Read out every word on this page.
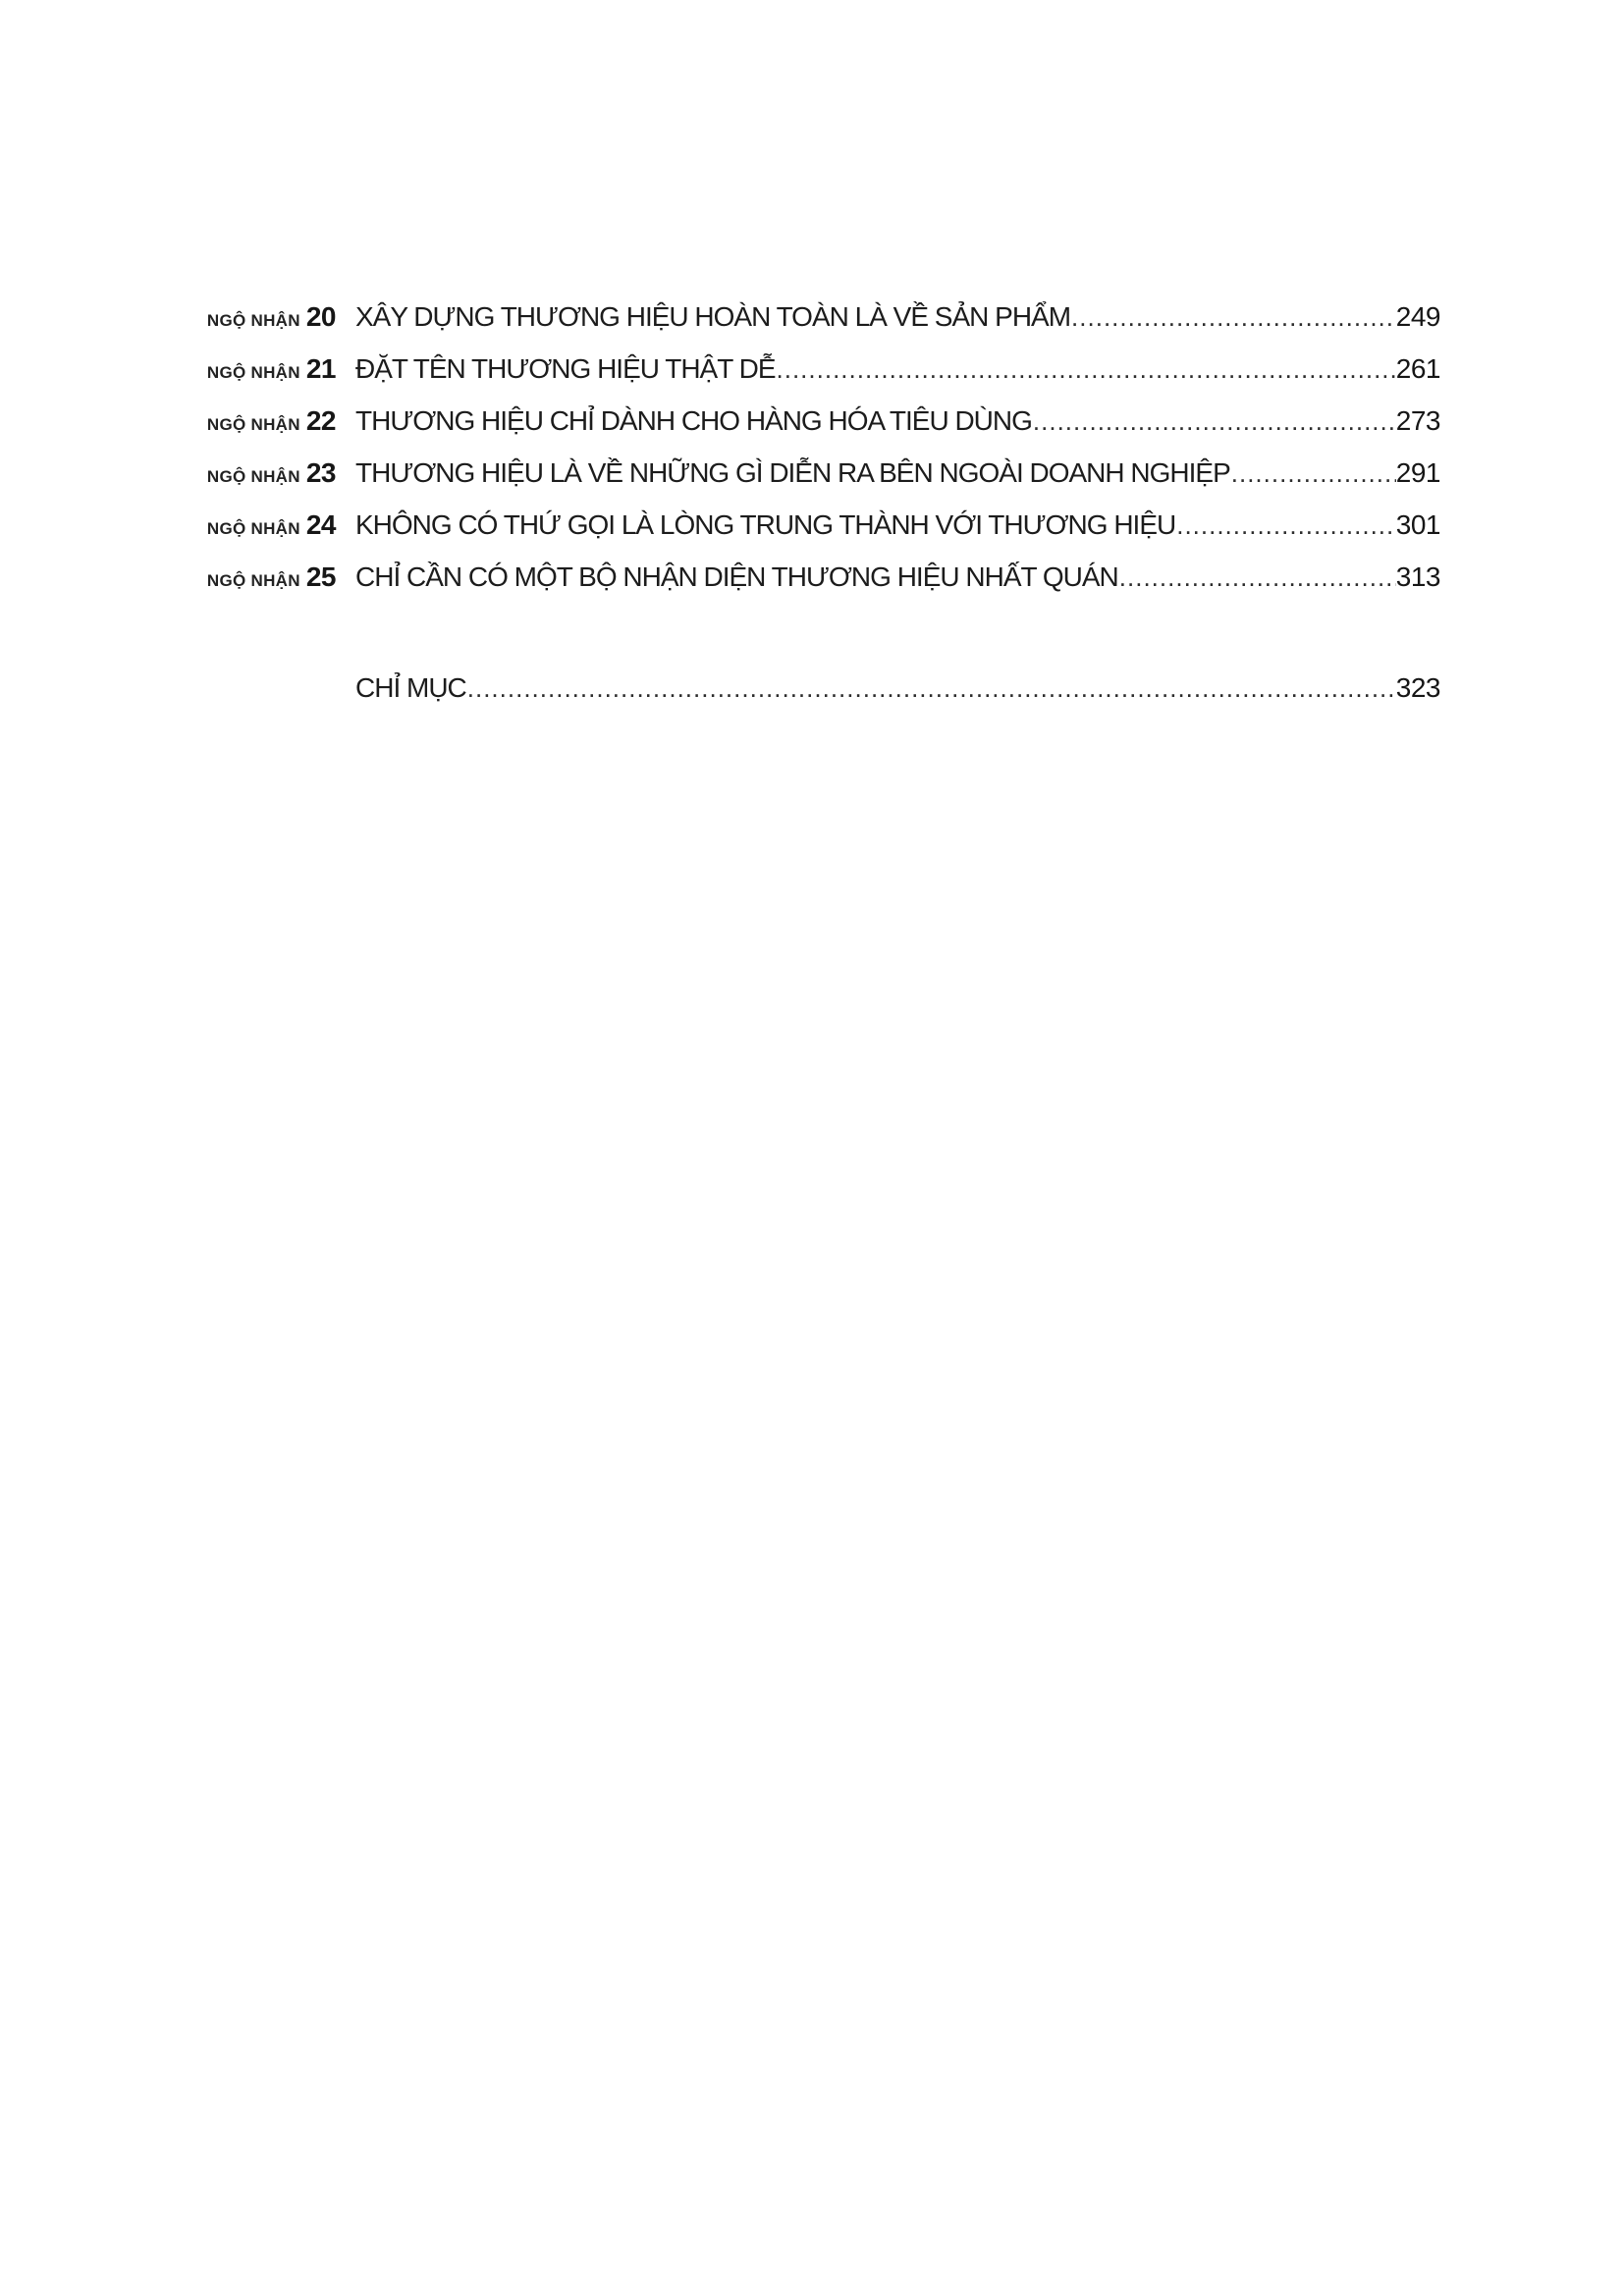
NGỘ NHẬN 20 XÂY DỰNG THƯƠNG HIỆU HOÀN TOÀN LÀ VỀ SẢN PHẨM .....	249
NGỘ NHẬN 21 ĐẶT TÊN THƯƠNG HIỆU THẬT DỄ .....	261
NGỘ NHẬN 22 THƯƠNG HIỆU CHỈ DÀNH CHO HÀNG HÓA TIÊU DÙNG .....	273
NGỘ NHẬN 23 THƯƠNG HIỆU LÀ VỀ NHỮNG GÌ DIỄN RA BÊN NGOÀI DOANH NGHIỆP .....	291
NGỘ NHẬN 24 KHÔNG CÓ THỨ GỌI LÀ LÒNG TRUNG THÀNH VỚI THƯƠNG HIỆU .....	301
NGỘ NHẬN 25 CHỈ CẦN CÓ MỘT BỘ NHẬN DIỆN THƯƠNG HIỆU NHẤT QUÁN .....	313
CHỈ MỤC .....	323
